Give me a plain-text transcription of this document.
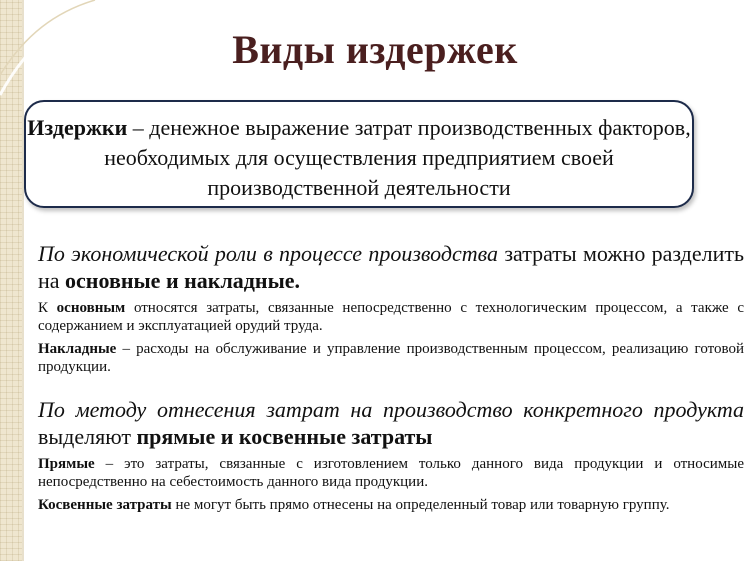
Виды издержек
Издержки – денежное выражение затрат производственных факторов, необходимых для осуществления предприятием своей производственной деятельности

По экономической роли в процессе производства затраты можно разделить на основные и накладные.

К основным относятся затраты, связанные непосредственно с технологическим процессом, а также с содержанием и эксплуатацией орудий труда.

Накладные – расходы на обслуживание и управление производственным процессом, реализацию готовой продукции.

По методу отнесения затрат на производство конкретного продукта выделяют прямые и косвенные затраты

Прямые – это затраты, связанные с изготовлением только данного вида продукции и относимые непосредственно на себестоимость данного вида продукции.

Косвенные затраты не могут быть прямо отнесены на определенный товар или товарную группу.
